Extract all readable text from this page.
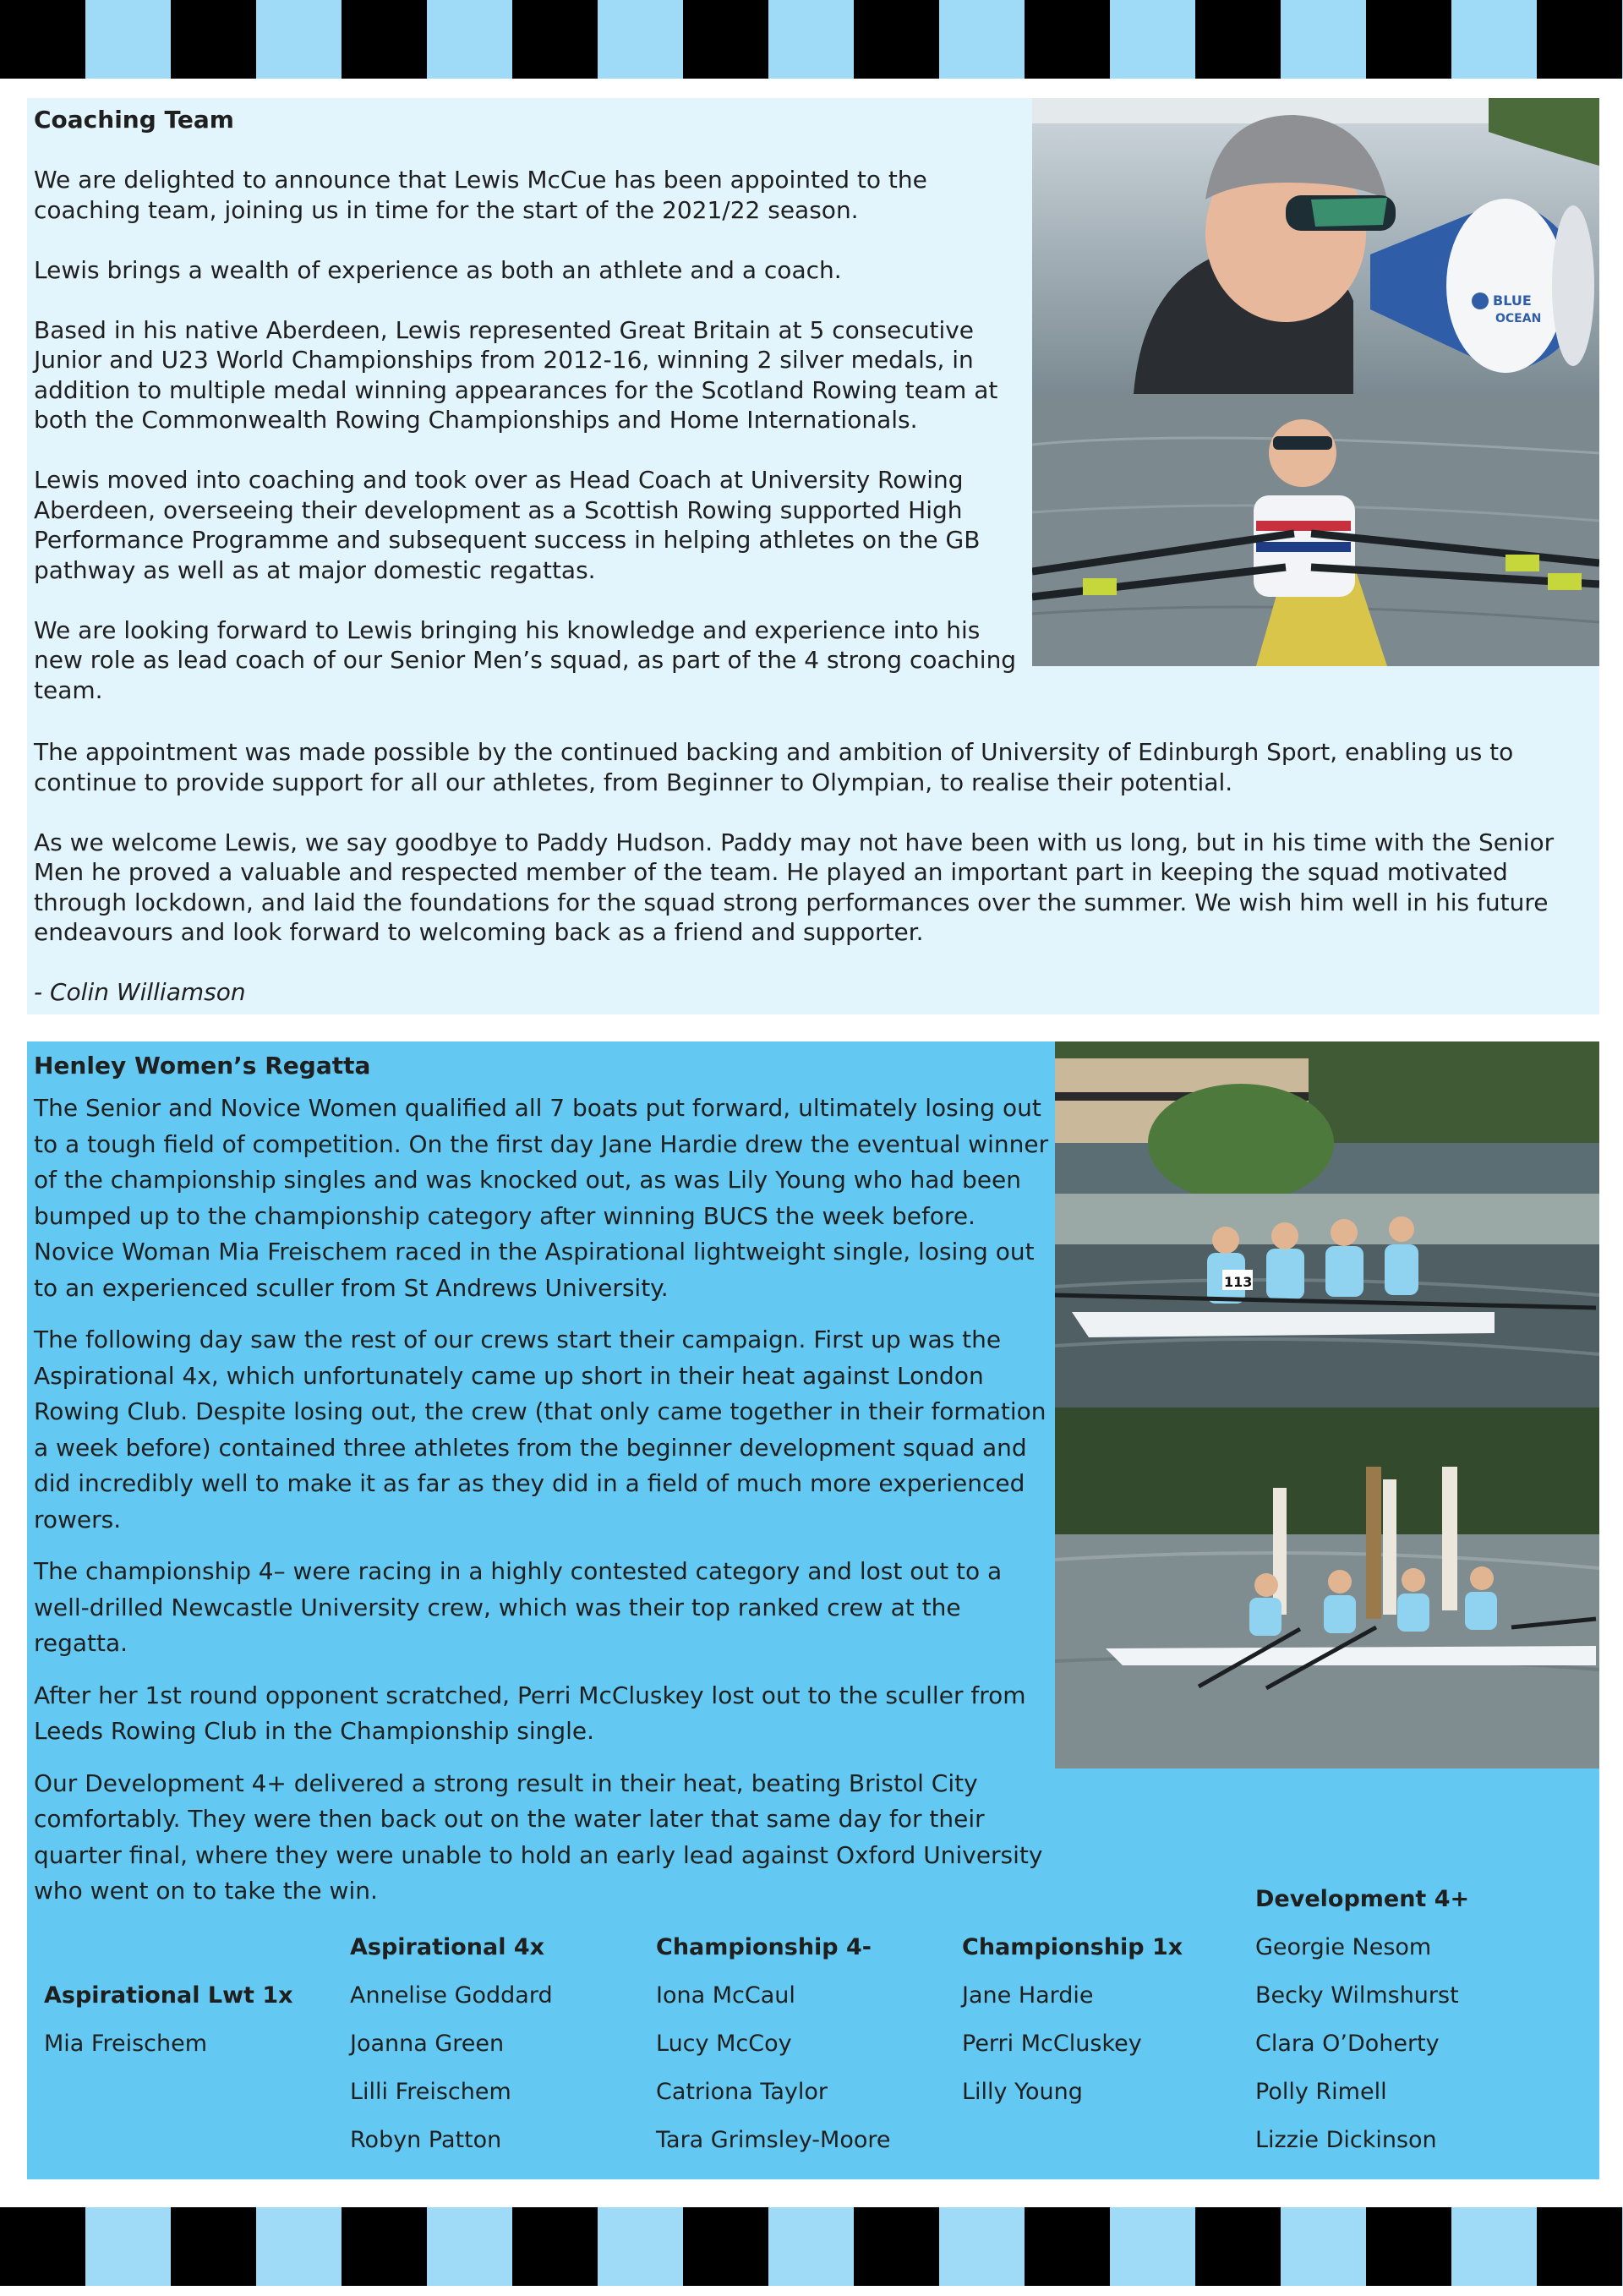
Coaching Team

We are delighted to announce that Lewis McCue has been appointed to the coaching team, joining us in time for the start of the 2021/22 season.

Lewis brings a wealth of experience as both an athlete and a coach.

Based in his native Aberdeen, Lewis represented Great Britain at 5 consecutive Junior and U23 World Championships from 2012-16, winning 2 silver medals, in addition to multiple medal winning appearances for the Scotland Rowing team at both the Commonwealth Rowing Championships and Home Internationals.

Lewis moved into coaching and took over as Head Coach at University Rowing Aberdeen, overseeing their development as a Scottish Rowing supported High Performance Programme and subsequent success in helping athletes on the GB pathway as well as at major domestic regattas.

We are looking forward to Lewis bringing his knowledge and experience into his new role as lead coach of our Senior Men’s squad, as part of the 4 strong coaching team.

The appointment was made possible by the continued backing and ambition of University of Edinburgh Sport, enabling us to continue to provide support for all our athletes, from Beginner to Olympian, to realise their potential.

As we welcome Lewis, we say goodbye to Paddy Hudson. Paddy may not have been with us long, but in his time with the Senior Men he proved a valuable and respected member of the team. He played an important part in keeping the squad motivated through lockdown, and laid the foundations for the squad strong performances over the summer. We wish him well in his future endeavours and look forward to welcoming back as a friend and supporter.

- Colin Williamson

BLUE
OCEAN
Henley Women’s Regatta

The Senior and Novice Women qualified all 7 boats put forward, ultimately losing out to a tough field of competition. On the first day Jane Hardie drew the eventual winner of the championship singles and was knocked out, as was Lily Young who had been bumped up to the championship category after winning BUCS the week before. Novice Woman Mia Freischem raced in the Aspirational lightweight single, losing out to an experienced sculler from St Andrews University.

The following day saw the rest of our crews start their campaign. First up was the Aspirational 4x, which unfortunately came up short in their heat against London Rowing Club. Despite losing out, the crew (that only came together in their formation a week before) contained three athletes from the beginner development squad and did incredibly well to make it as far as they did in a field of much more experienced rowers.

The championship 4– were racing in a highly contested category and lost out to a well-drilled Newcastle University crew, which was their top ranked crew at the regatta.

After her 1st round opponent scratched, Perri McCluskey lost out to the sculler from Leeds Rowing Club in the Championship single.

Our Development 4+ delivered a strong result in their heat, beating Bristol City comfortably. They were then back out on the water later that same day for their quarter final, where they were unable to hold an early lead against Oxford University who went on to take the win.

Aspirational Lwt 1x
Mia Freischem
Aspirational 4x
Annelise Goddard
Joanna Green
Lilli Freischem
Robyn Patton
Championship 4-
Iona McCaul
Lucy McCoy
Catriona Taylor
Tara Grimsley-Moore
Championship 1x
Jane Hardie
Perri McCluskey
Lilly Young
Development 4+
Georgie Nesom
Becky Wilmshurst
Clara O’Doherty
Polly Rimell
Lizzie Dickinson
113
